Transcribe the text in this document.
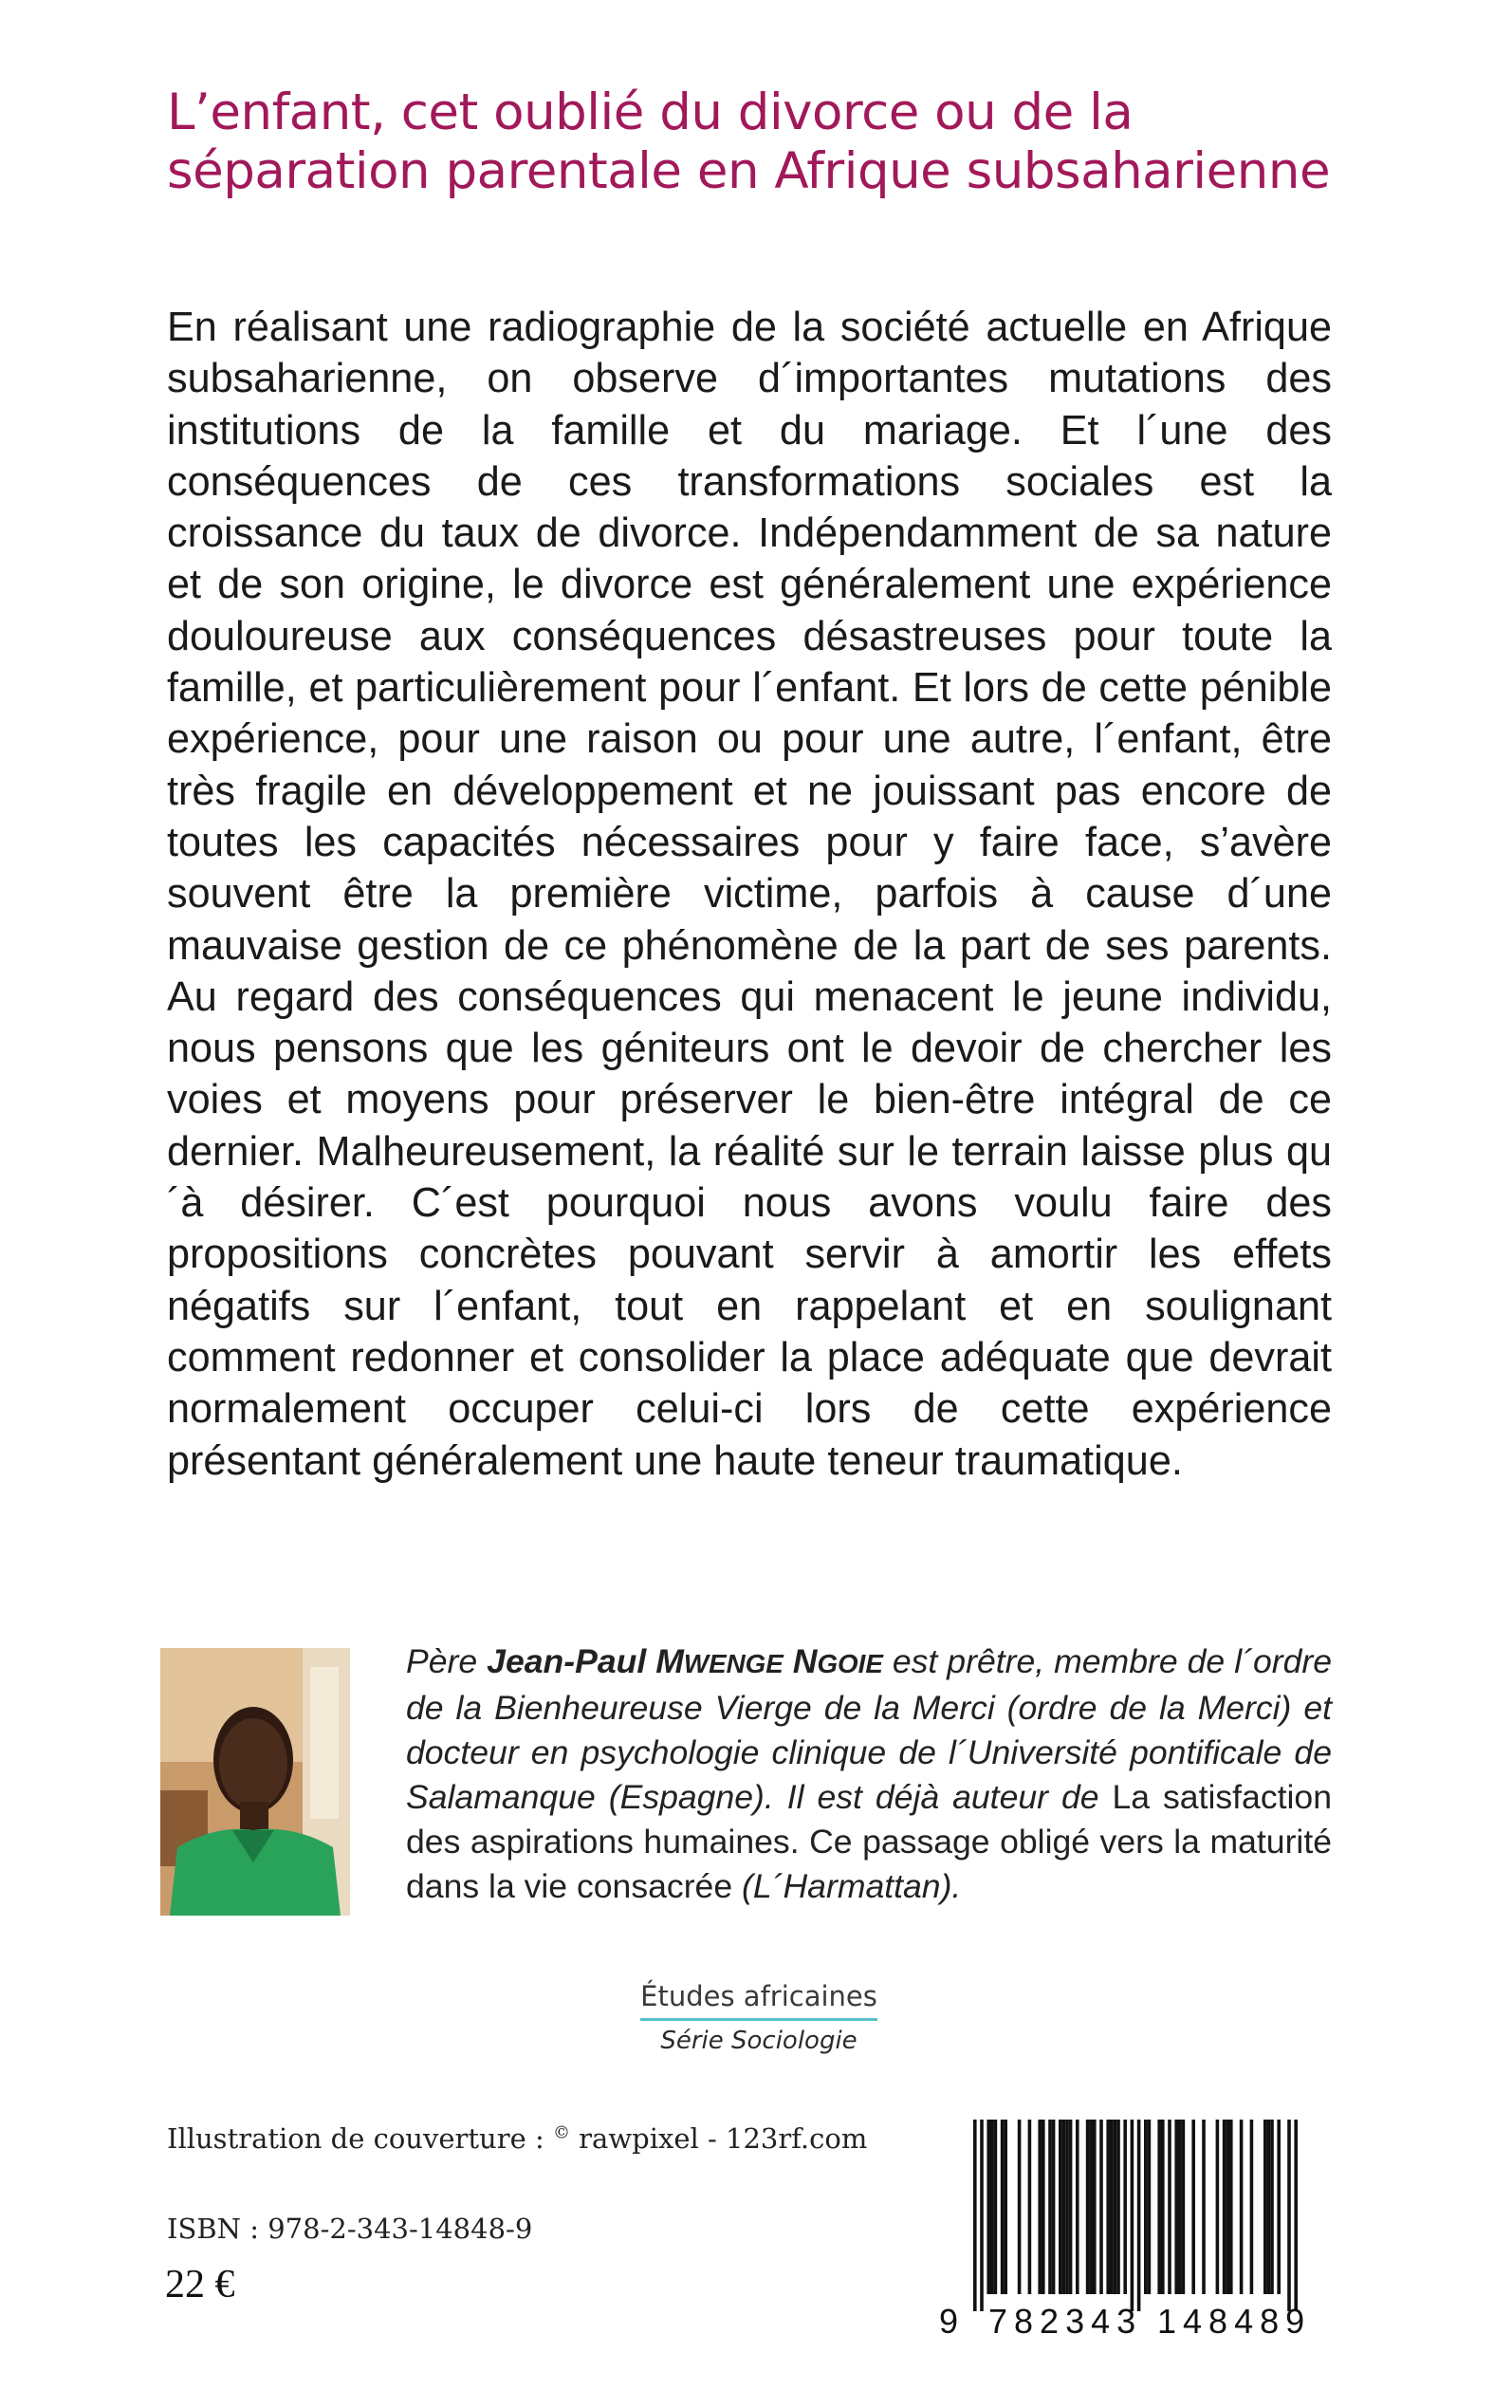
L’enfant, cet oublié du divorce ou de la séparation parentale en Afrique subsaharienne

En réalisant une radiographie de la société actuelle en Afrique subsaharienne, on observe d´importantes mutations des institutions de la famille et du mariage. Et l´une des conséquences de ces transformations sociales est la croissance du taux de divorce. Indépendamment de sa nature et de son origine, le divorce est généralement une expérience douloureuse aux conséquences désastreuses pour toute la famille, et particulièrement pour l´enfant. Et lors de cette pénible expérience, pour une raison ou pour une autre, l´enfant, être très fragile en développement et ne jouissant pas encore de toutes les capacités nécessaires pour y faire face, s’avère souvent être la première victime, parfois à cause d´une mauvaise gestion de ce phénomène de la part de ses parents. Au regard des conséquences qui menacent le jeune individu, nous pensons que les géniteurs ont le devoir de chercher les voies et moyens pour préserver le bien-être intégral de ce dernier. Malheureusement, la réalité sur le terrain laisse plus qu´à désirer. C´est pourquoi nous avons voulu faire des propositions concrètes pouvant servir à amortir les effets négatifs sur l´enfant, tout en rappelant et en soulignant comment redonner et consolider la place adéquate que devrait normalement occuper celui-ci lors de cette expérience présentant généralement une haute teneur traumatique.

Père Jean-Paul MWENGE NGOIE est prêtre, membre de l´ordre de la Bienheureuse Vierge de la Merci (ordre de la Merci) et docteur en psychologie clinique de l´Université pontificale de Salamanque (Espagne). Il est déjà auteur de La satisfaction des aspirations humaines. Ce passage obligé vers la maturité dans la vie consacrée (L´Harmattan).

Études africaines
Série Sociologie
Illustration de couverture : © rawpixel - 123rf.com
ISBN : 978-2-343-14848-9
22 €
9 782343 148489
